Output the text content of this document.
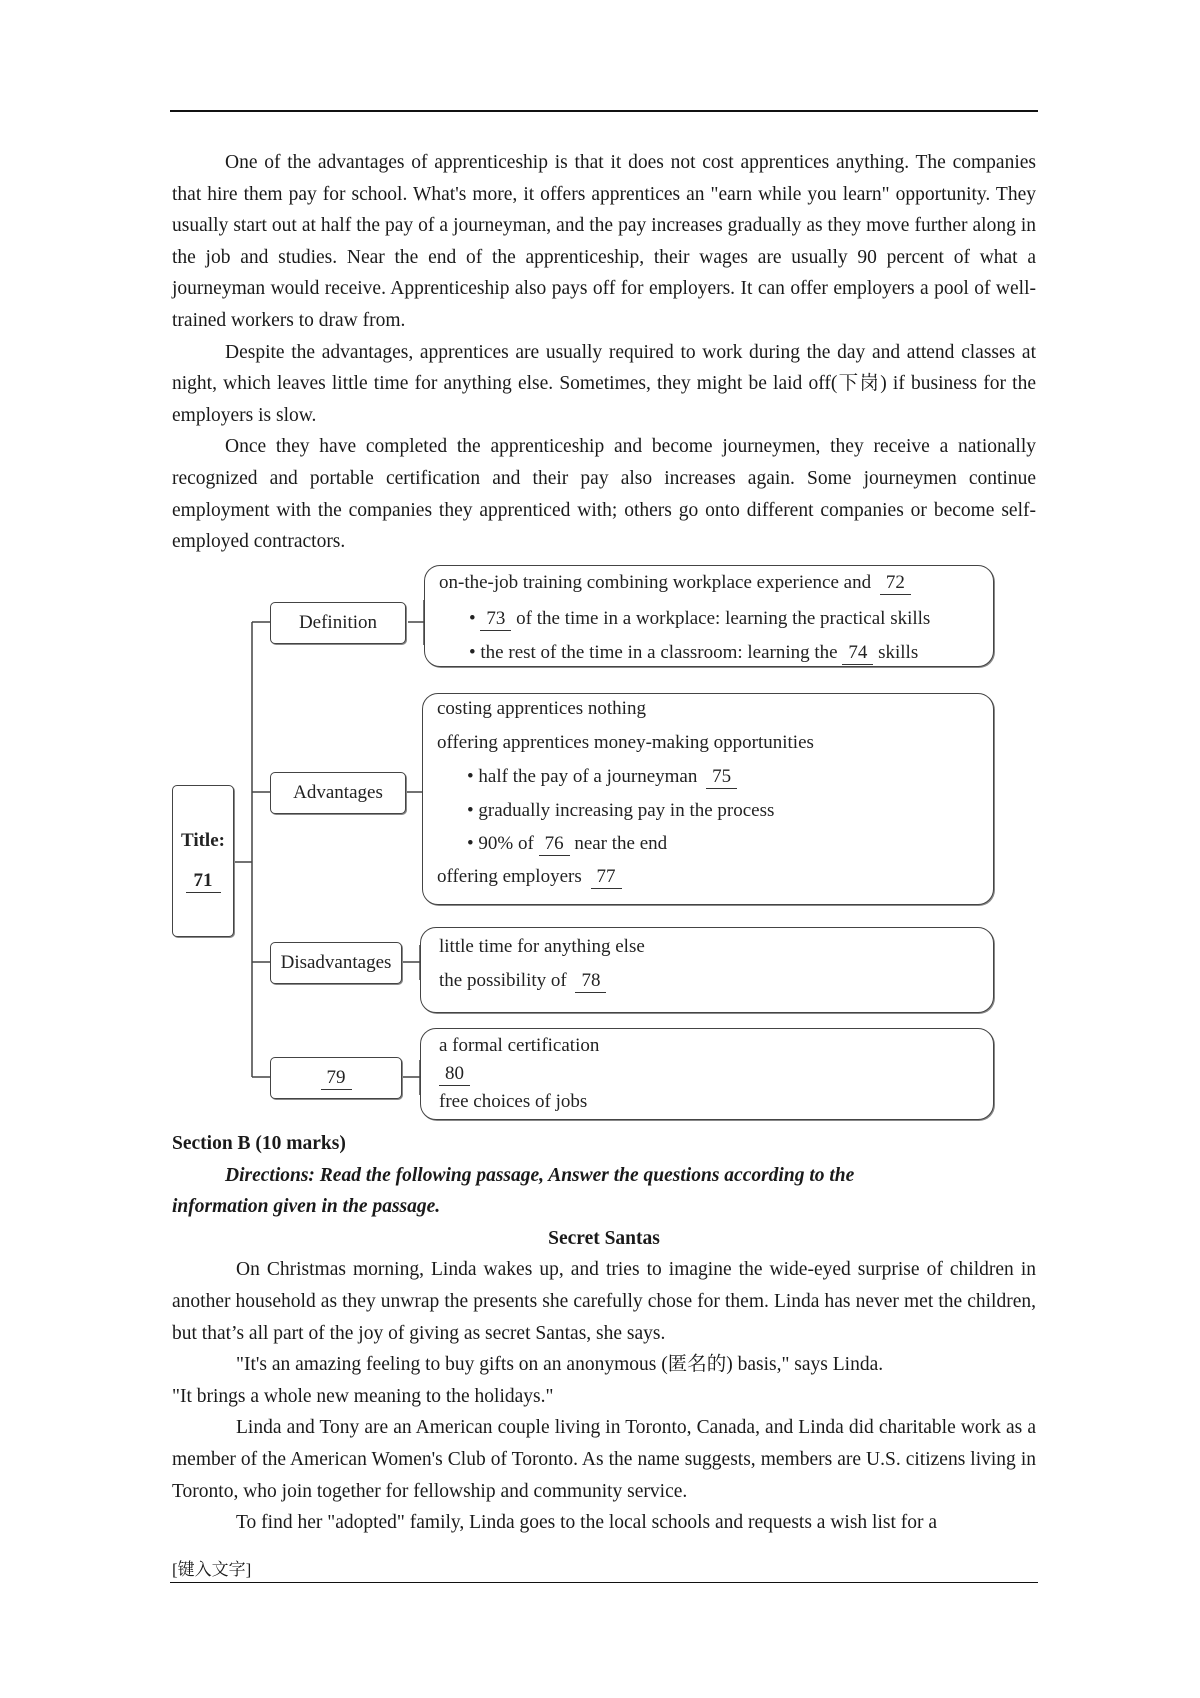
One of the advantages of apprenticeship is that it does not cost apprentices anything. The companies that hire them pay for school. What's more, it offers apprentices an "earn while you learn" opportunity. They usually start out at half the pay of a journeyman, and the pay increases gradually as they move further along in the job and studies. Near the end of the apprenticeship, their wages are usually 90 percent of what a journeyman would receive. Apprenticeship also pays off for employers. It can offer employers a pool of well-trained workers to draw from.

Despite the advantages, apprentices are usually required to work during the day and attend classes at night, which leaves little time for anything else. Sometimes, they might be laid off(下岗) if business for the employers is slow.

Once they have completed the apprenticeship and become journeymen, they receive a nationally recognized and portable certification and their pay also increases again. Some journeymen continue employment with the companies they apprenticed with; others go onto different companies or become self-employed contractors.

Title:
71
Definition
Advantages
Disadvantages
79
on-the-job training combining workplace experience and 72
• 73 of the time in a workplace: learning the practical skills
• the rest of the time in a classroom: learning the 74 skills
costing apprentices nothing
offering apprentices money-making opportunities
• half the pay of a journeyman 75
• gradually increasing pay in the process
• 90% of 76 near the end
offering employers 77
little time for anything else
the possibility of 78
a formal certification
80
free choices of jobs

Section B (10 marks)

Directions: Read the following passage, Answer the questions according to the

information given in the passage.

Secret Santas

On Christmas morning, Linda wakes up, and tries to imagine the wide-eyed surprise of children in another household as they unwrap the presents she carefully chose for them. Linda has never met the children, but that’s all part of the joy of giving as secret Santas, she says.

"It's an amazing feeling to buy gifts on an anonymous (匿名的) basis," says Linda.

"It brings a whole new meaning to the holidays."

Linda and Tony are an American couple living in Toronto, Canada, and Linda did charitable work as a member of the American Women's Club of Toronto. As the name suggests, members are U.S. citizens living in Toronto, who join together for fellowship and community service.

To find her "adopted" family, Linda goes to the local schools and requests a wish list for a

[键入文字]
